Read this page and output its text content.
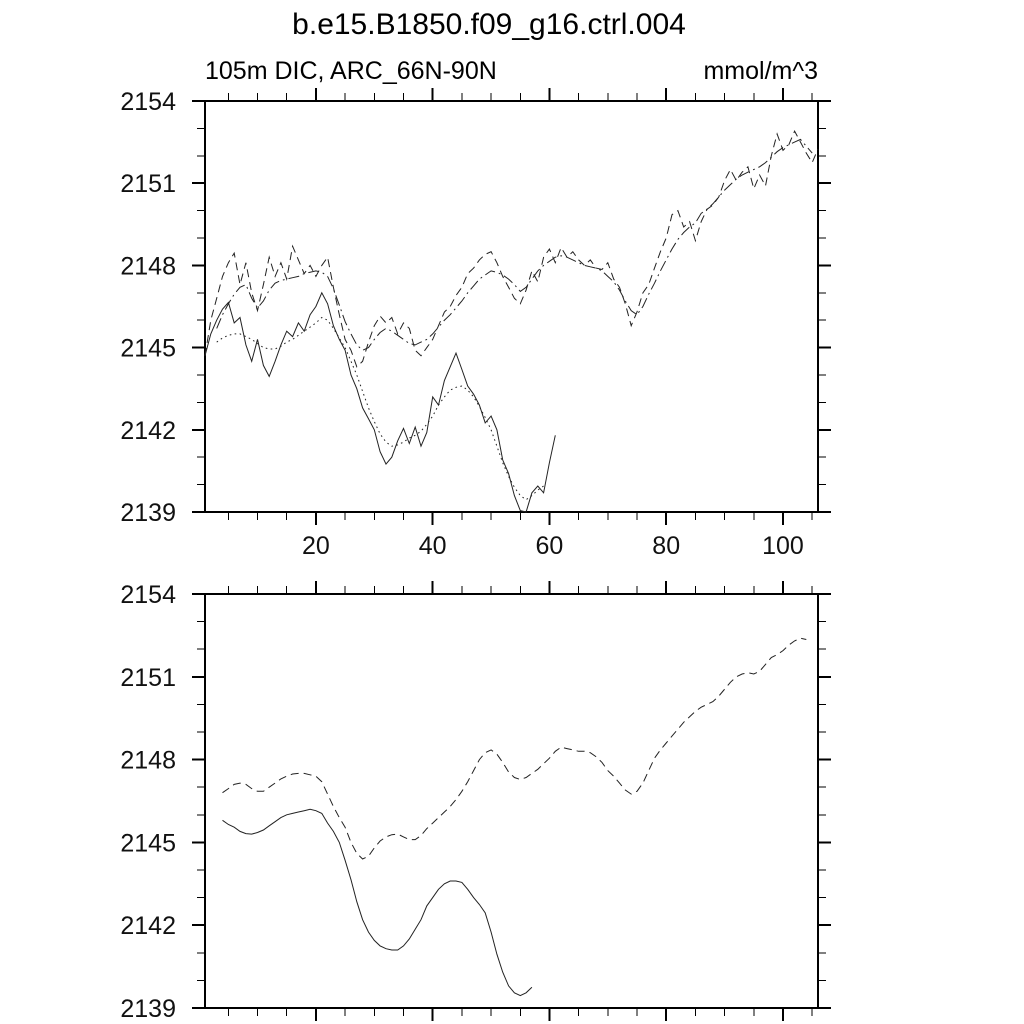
b.e15.B1850.f09_g16.ctrl.004
105m DIC, ARC_66N-90N	mmol/m^3
20	40	60	80	100
2139
2142
2145
2148
2151
2154
2139
2142
2145
2148
2151
2154
